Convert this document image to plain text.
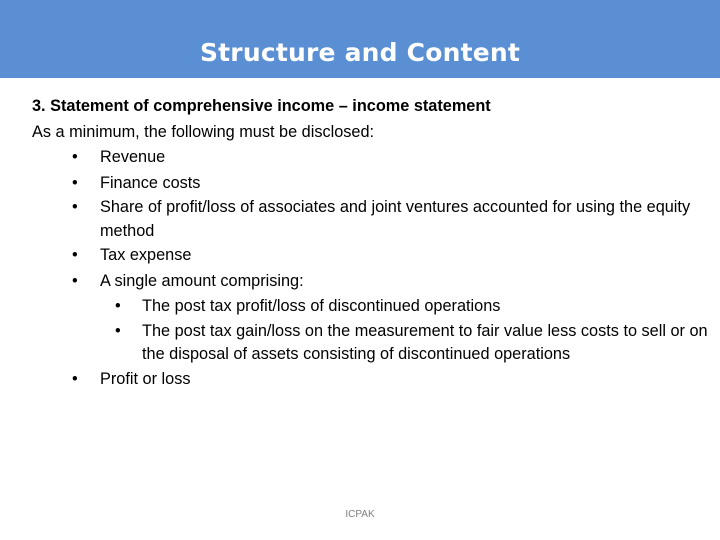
Structure and Content
3. Statement of comprehensive income – income statement
As a minimum, the following must be disclosed:
• Revenue
• Finance costs
• Share of profit/loss of associates and joint ventures accounted for using the equity method
• Tax expense
• A single amount comprising:
• The post tax profit/loss of discontinued operations
• The post tax gain/loss on the measurement to fair value less costs to sell or on the disposal of assets consisting of discontinued operations
• Profit or loss
ICPAK
